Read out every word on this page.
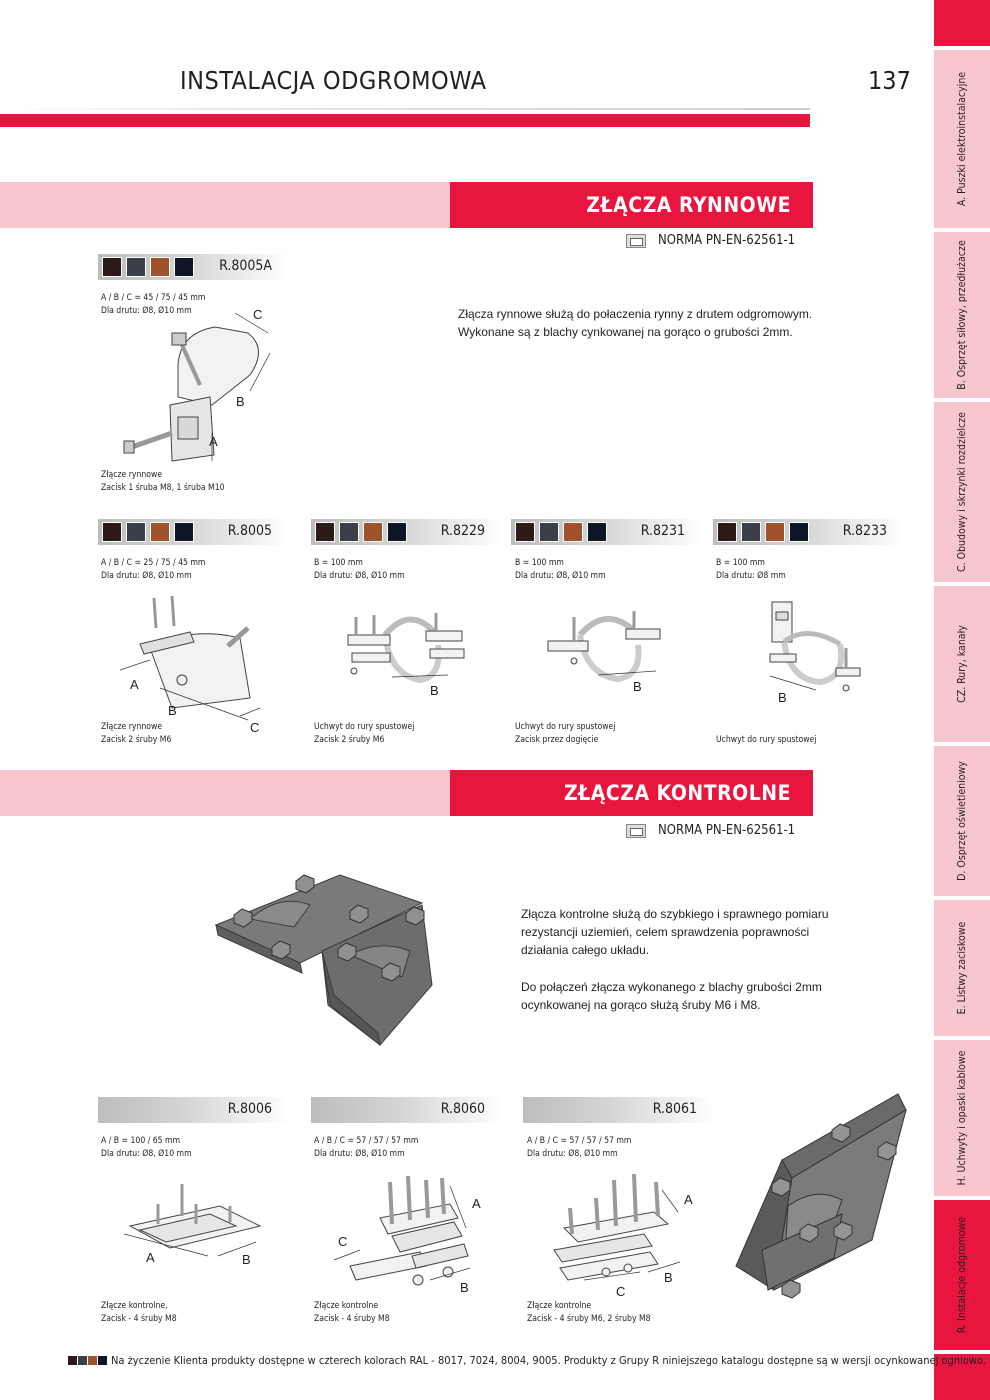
INSTALACJA ODGROMOWA	137	A. Puszki elektroinstalacyjne
B. Osprzęt siłowy, przedłużacze
C. Obudowy i skrzynki rozdzielcze
CZ. Rury, kanały
D. Osprzęt oświetleniowy
E. Listwy zaciskowe
H. Uchwyty i opaski kablowe
R. Instalacje odgromowe
ZŁĄCZA RYNNOWE
NORMA PN-EN-62561-1
Złącza rynnowe służą do połaczenia rynny z drutem odgromowym.
Wykonane są z blachy cynkowanej na gorąco o grubości 2mm.
R.8005A
A / B / C = 45 / 75 / 45 mm
Dla drutu: Ø8, Ø10 mm	C
B
A
Złącze rynnowe
Zacisk 1 śruba M8, 1 śruba M10
R.8005
A / B / C = 25 / 75 / 45 mm
Dla drutu: Ø8, Ø10 mm
A
B
C
Złącze rynnowe
Zacisk 2 śruby M6
R.8229
B = 100 mm
Dla drutu: Ø8, Ø10 mm
B
Uchwyt do rury spustowej
Zacisk 2 śruby M6
R.8231
B = 100 mm
Dla drutu: Ø8, Ø10 mm
B
Uchwyt do rury spustowej
Zacisk przez dogięcie
R.8233
B = 100 mm
Dla drutu: Ø8 mm
B
Uchwyt do rury spustowej
ZŁĄCZA KONTROLNE
NORMA PN-EN-62561-1
Złącza kontrolne służą do szybkiego i sprawnego pomiaru
rezystancji uziemień, celem sprawdzenia poprawności
działania całego układu.
Do połączeń złącza wykonanego z blachy grubości 2mm
ocynkowanej na gorąco służą śruby M6 i M8.
R.8006
A / B = 100 / 65 mm
Dla drutu: Ø8, Ø10 mm
A	B
Złącze kontrolne,
Zacisk - 4 śruby M8
R.8060
A / B / C = 57 / 57 / 57 mm
Dla drutu: Ø8, Ø10 mm
A
C
B
Złącze kontrolne
Zacisk - 4 śruby M8
R.8061
A / B / C = 57 / 57 / 57 mm
Dla drutu: Ø8, Ø10 mm
A
B
C
Złącze kontrolne
Zacisk - 4 śruby M6, 2 śruby M8
Na życzenie Klienta produkty dostępne w czterech kolorach RAL - 8017, 7024, 8004, 9005. Produkty z Grupy R niniejszego katalogu dostępne są w wersji ocynkowanej ogniowo.
